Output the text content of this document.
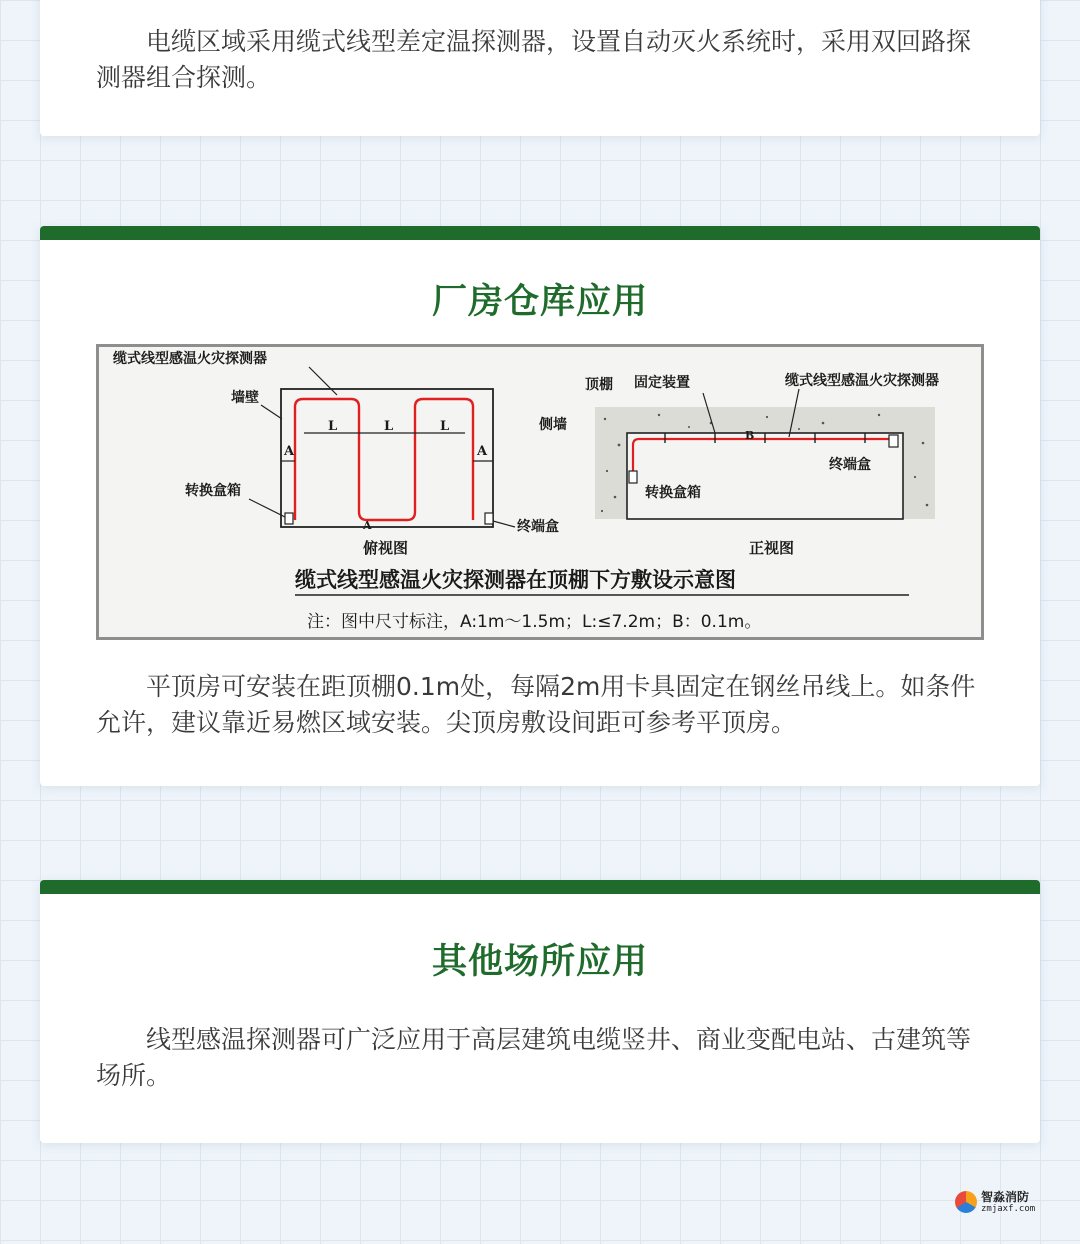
电缆区域采用缆式线型差定温探测器，设置自动灭火系统时，采用双回路探测器组合探测。
厂房仓库应用
缆式线型感温火灾探测器
墙壁
L	L	L
A	A
A
转换盒箱
终端盒
俯视图
顶棚 固定装置	缆式线型感温火灾探测器
侧墙
B
终端盒
转换盒箱
正视图
缆式线型感温火灾探测器在顶棚下方敷设示意图
注：图中尺寸标注，A:1m～1.5m；L:≤7.2m；B：0.1m。
平顶房可安装在距顶棚0.1m处，每隔2m用卡具固定在钢丝吊线上。如条件允许，建议靠近易燃区域安装。尖顶房敷设间距可参考平顶房。
其他场所应用
线型感温探测器可广泛应用于高层建筑电缆竖井、商业变配电站、古建筑等场所。
智淼消防
zmjaxf.com
